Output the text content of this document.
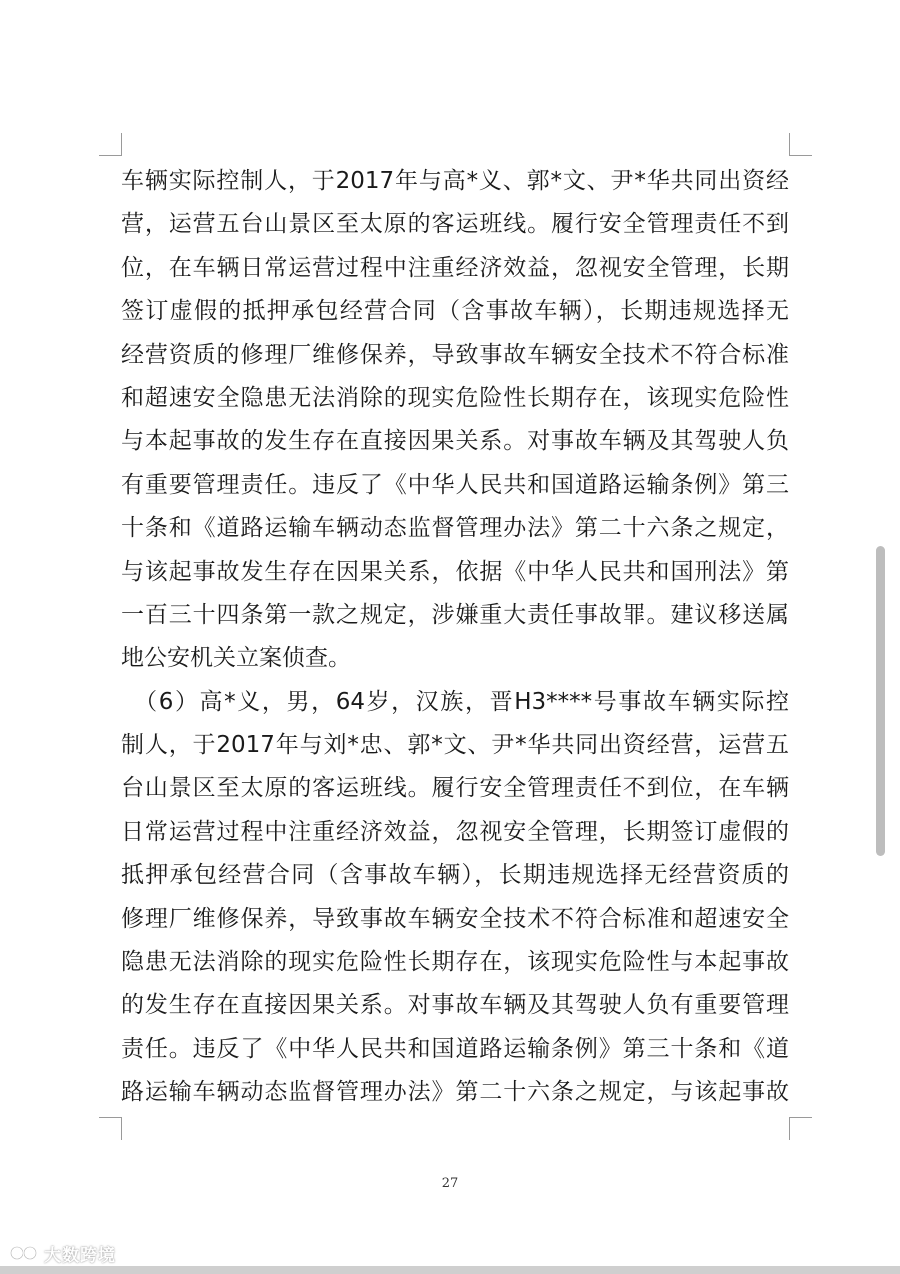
车辆实际控制人，于2017年与高*义、郭*文、尹*华共同出资经
营，运营五台山景区至太原的客运班线。履行安全管理责任不到
位，在车辆日常运营过程中注重经济效益，忽视安全管理，长期
签订虚假的抵押承包经营合同（含事故车辆），长期违规选择无
经营资质的修理厂维修保养，导致事故车辆安全技术不符合标准
和超速安全隐患无法消除的现实危险性长期存在，该现实危险性
与本起事故的发生存在直接因果关系。对事故车辆及其驾驶人负
有重要管理责任。违反了《中华人民共和国道路运输条例》第三
十条和《道路运输车辆动态监督管理办法》第二十六条之规定，
与该起事故发生存在因果关系，依据《中华人民共和国刑法》第
一百三十四条第一款之规定，涉嫌重大责任事故罪。建议移送属
地公安机关立案侦查。
　（6）高*义，男，64岁，汉族，晋H3****号事故车辆实际控
制人，于2017年与刘*忠、郭*文、尹*华共同出资经营，运营五
台山景区至太原的客运班线。履行安全管理责任不到位，在车辆
日常运营过程中注重经济效益，忽视安全管理，长期签订虚假的
抵押承包经营合同（含事故车辆），长期违规选择无经营资质的
修理厂维修保养，导致事故车辆安全技术不符合标准和超速安全
隐患无法消除的现实危险性长期存在，该现实危险性与本起事故
的发生存在直接因果关系。对事故车辆及其驾驶人负有重要管理
责任。违反了《中华人民共和国道路运输条例》第三十条和《道
路运输车辆动态监督管理办法》第二十六条之规定，与该起事故
27
大数跨境
